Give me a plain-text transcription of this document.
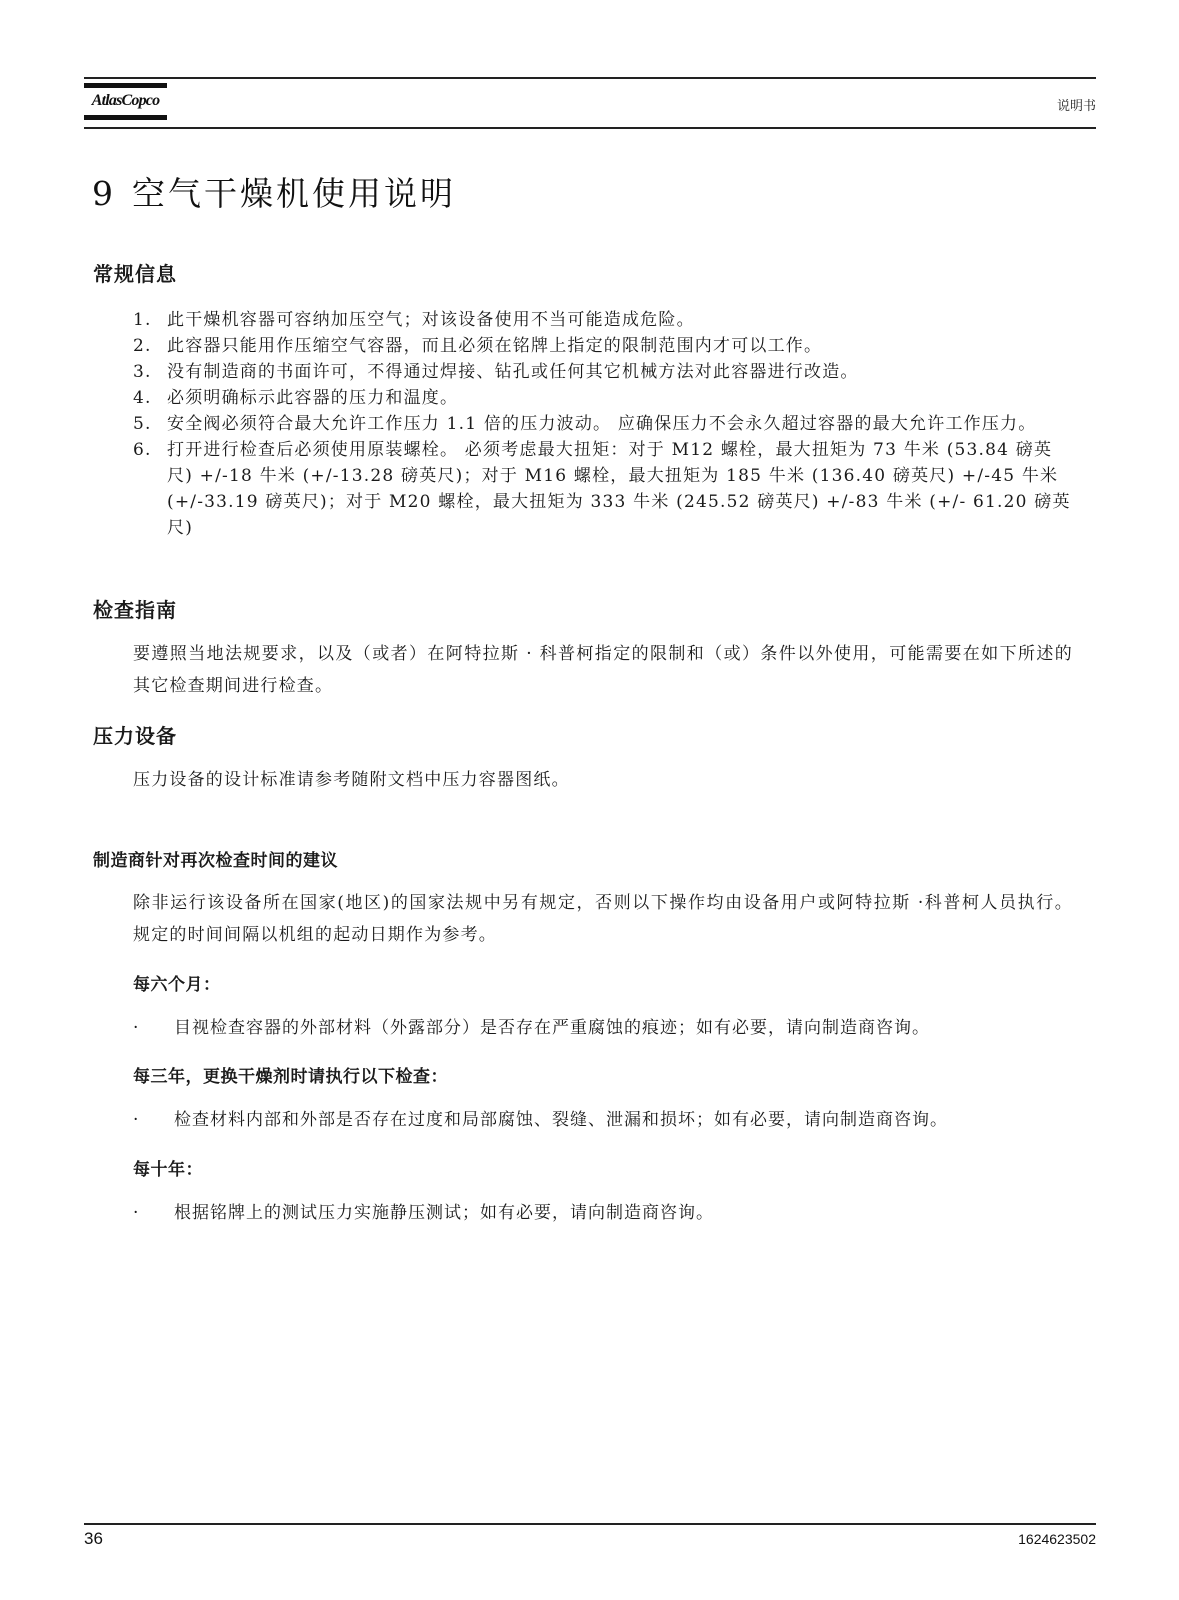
AtlasCopco	说明书
9 空气干燥机使用说明
常规信息
1. 此干燥机容器可容纳加压空气；对该设备使用不当可能造成危险。
2. 此容器只能用作压缩空气容器，而且必须在铭牌上指定的限制范围内才可以工作。
3. 没有制造商的书面许可，不得通过焊接、钻孔或任何其它机械方法对此容器进行改造。
4. 必须明确标示此容器的压力和温度。
5. 安全阀必须符合最大允许工作压力 1.1 倍的压力波动。 应确保压力不会永久超过容器的最大允许工作压力。
6. 打开进行检查后必须使用原装螺栓。 必须考虑最大扭矩：对于 M12 螺栓，最大扭矩为 73 牛米 (53.84 磅英尺) +/-18 牛米 (+/-13.28 磅英尺)；对于 M16 螺栓，最大扭矩为 185 牛米 (136.40 磅英尺) +/-45 牛米 (+/-33.19 磅英尺)；对于 M20 螺栓，最大扭矩为 333 牛米 (245.52 磅英尺) +/-83 牛米 (+/- 61.20 磅英尺)
检查指南

要遵照当地法规要求，以及（或者）在阿特拉斯 · 科普柯指定的限制和（或）条件以外使用，可能需要在如下所述的其它检查期间进行检查。

压力设备

压力设备的设计标准请参考随附文档中压力容器图纸。

制造商针对再次检查时间的建议

除非运行该设备所在国家(地区)的国家法规中另有规定，否则以下操作均由设备用户或阿特拉斯 ·科普柯人员执行。 规定的时间间隔以机组的起动日期作为参考。

每六个月：
· 目视检查容器的外部材料（外露部分）是否存在严重腐蚀的痕迹；如有必要，请向制造商咨询。
每三年，更换干燥剂时请执行以下检查：
· 检查材料内部和外部是否存在过度和局部腐蚀、裂缝、泄漏和损坏；如有必要，请向制造商咨询。
每十年：
· 根据铭牌上的测试压力实施静压测试；如有必要，请向制造商咨询。
36	1624623502
